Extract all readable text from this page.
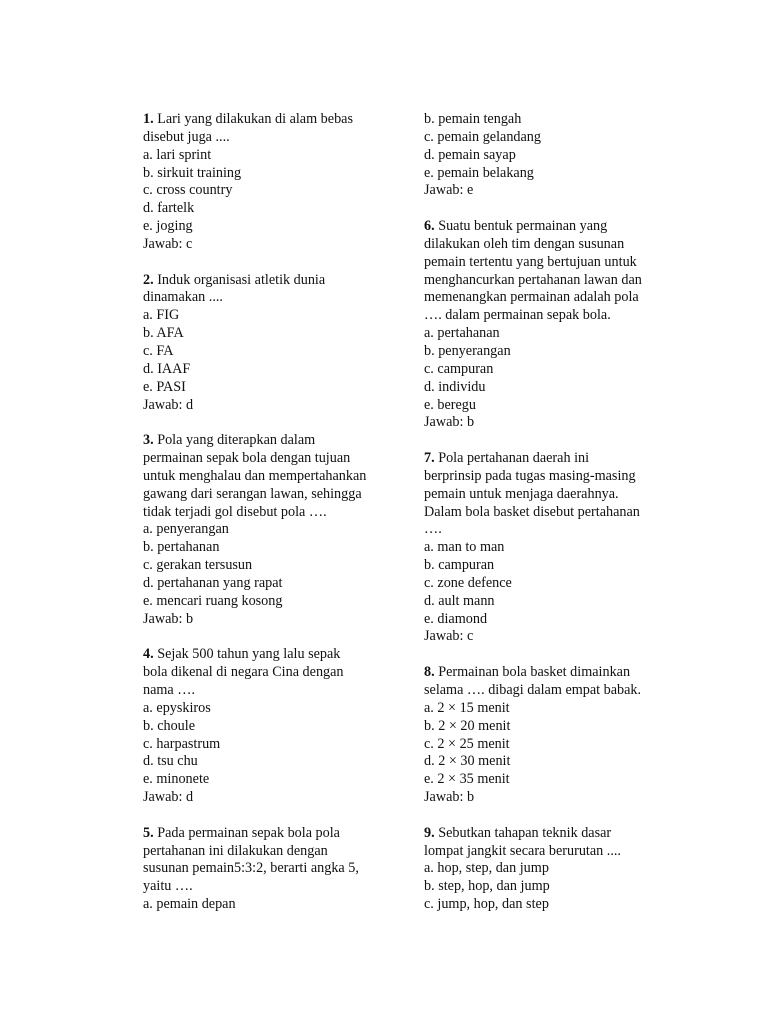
1. Lari yang dilakukan di alam bebas
disebut juga ....
a. lari sprint
b. sirkuit training
c. cross country
d. fartelk
e. joging
Jawab: c
2. Induk organisasi atletik dunia
dinamakan ....
a. FIG
b. AFA
c. FA
d. IAAF
e. PASI
Jawab: d
3. Pola yang diterapkan dalam
permainan sepak bola dengan tujuan
untuk menghalau dan mempertahankan
gawang dari serangan lawan, sehingga
tidak terjadi gol disebut pola ….
a. penyerangan
b. pertahanan
c. gerakan tersusun
d. pertahanan yang rapat
e. mencari ruang kosong
Jawab: b
4. Sejak 500 tahun yang lalu sepak
bola dikenal di negara Cina dengan
nama ….
a. epyskiros
b. choule
c. harpastrum
d. tsu chu
e. minonete
Jawab: d
5. Pada permainan sepak bola pola
pertahanan ini dilakukan dengan
susunan pemain5:3:2, berarti angka 5,
yaitu ….
a. pemain depan
b. pemain tengah
c. pemain gelandang
d. pemain sayap
e. pemain belakang
Jawab: e
6. Suatu bentuk permainan yang
dilakukan oleh tim dengan susunan
pemain tertentu yang bertujuan untuk
menghancurkan pertahanan lawan dan
memenangkan permainan adalah pola
…. dalam permainan sepak bola.
a. pertahanan
b. penyerangan
c. campuran
d. individu
e. beregu
Jawab: b
7. Pola pertahanan daerah ini
berprinsip pada tugas masing-masing
pemain untuk menjaga daerahnya.
Dalam bola basket disebut pertahanan
….
a. man to man
b. campuran
c. zone defence
d. ault mann
e. diamond
Jawab: c
8. Permainan bola basket dimainkan
selama …. dibagi dalam empat babak.
a. 2 × 15 menit
b. 2 × 20 menit
c. 2 × 25 menit
d. 2 × 30 menit
e. 2 × 35 menit
Jawab: b
9. Sebutkan tahapan teknik dasar
lompat jangkit secara berurutan ....
a. hop, step, dan jump
b. step, hop, dan jump
c. jump, hop, dan step
